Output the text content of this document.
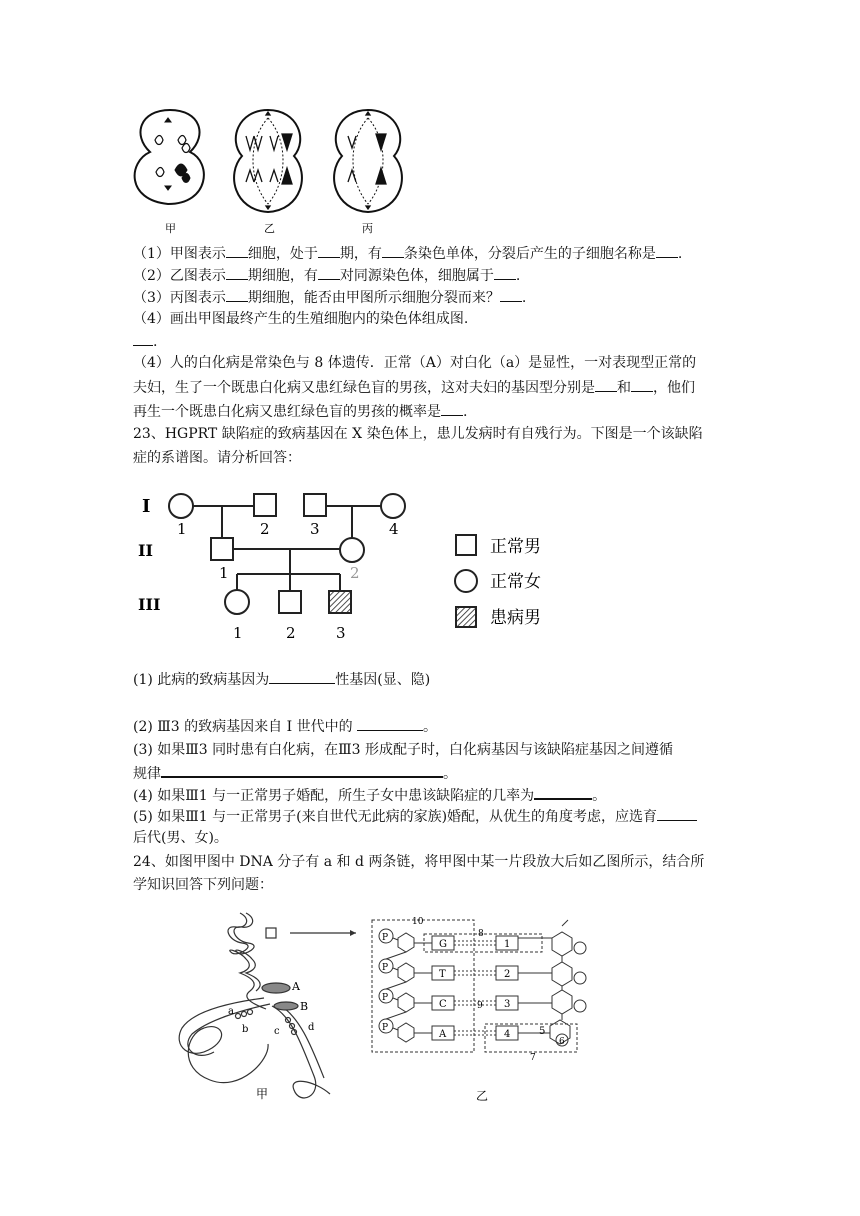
甲	乙	丙
（1）甲图表示 细胞，处于 期，有 条染色单体，分裂后产生的子细胞名称是 .
（2）乙图表示 期细胞，有 对同源染色体，细胞属于 .
（3）丙图表示 期细胞，能否由甲图所示细胞分裂而来？ .
（4）画出甲图最终产生的生殖细胞内的染色体组成图.
.
（4）人的白化病是常染色与 8 体遗传．正常（A）对白化（a）是显性，一对表现型正常的
夫妇，生了一个既患白化病又患红绿色盲的男孩，这对夫妇的基因型分别是 和 ，他们
再生一个既患白化病又患红绿色盲的男孩的概率是 .
23、HGPRT 缺陷症的致病基因在 X 染色体上，患儿发病时有自残行为。下图是一个该缺陷
症的系谱图。请分析回答：
I
II
III
1	2	3	4
1	2
1	2	3
正常男
正常女
患病男
(1) 此病的致病基因为	性基因(显、隐)
(2) Ⅲ3 的致病基因来自 I 世代中的	。
(3) 如果Ⅲ3 同时患有白化病，在Ⅲ3 形成配子时，白化病基因与该缺陷症基因之间遵循
规律	。
(4) 如果Ⅲ1 与一正常男子婚配，所生子女中患该缺陷症的几率为	。
(5) 如果Ⅲ1 与一正常男子(来自世代无此病的家族)婚配，从优生的角度考虑，应选育
后代(男、女)。
24、如图甲图中 DNA 分子有 a 和 d 两条链，将甲图中某一片段放大后如乙图所示，结合所
学知识回答下列问题：
A
B
a
b	c	d
甲
P
P
P
P
G
T
C
A
1
2
3
4
10
8
9
5
6
7
乙
